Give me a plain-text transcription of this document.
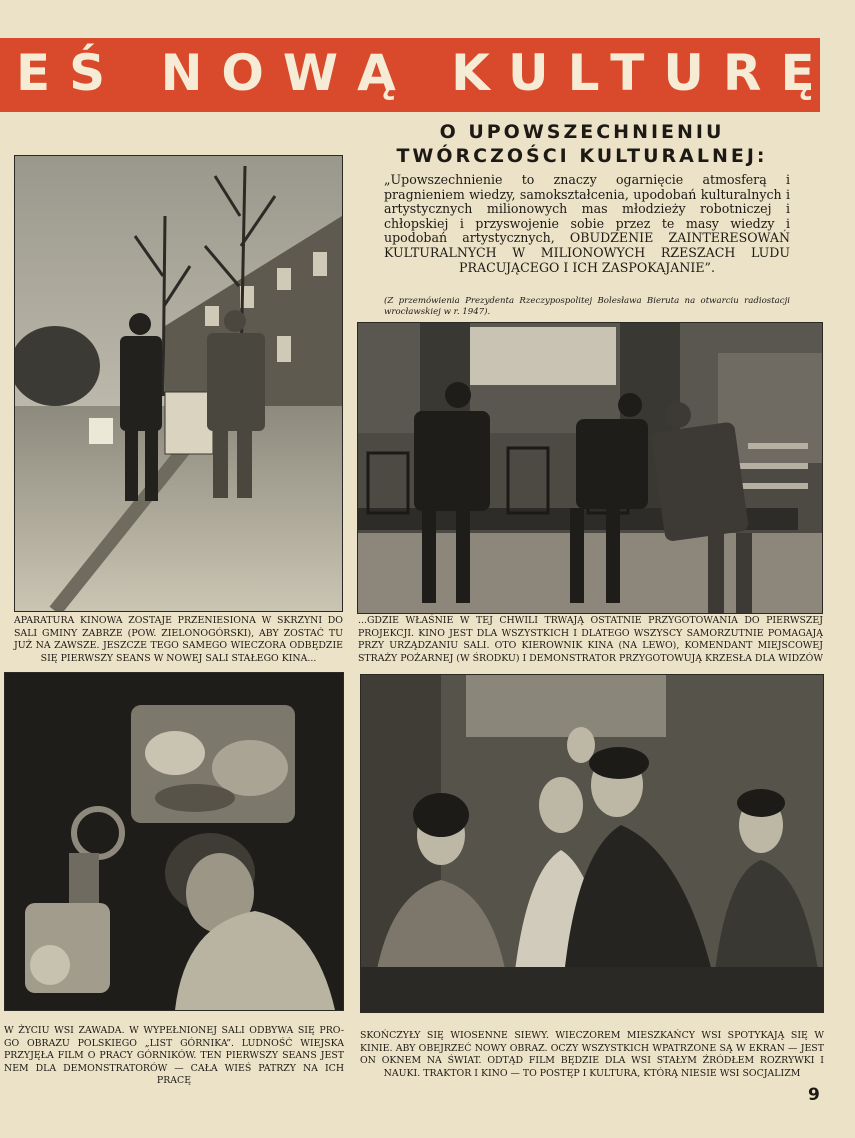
EŚ NOWĄ KULTURĘ
O UPOWSZECHNIENIU
TWÓRCZOŚCI KULTURALNEJ:
„Upowszechnienie to znaczy ogarnięcie atmosferą i pragnieniem wiedzy, samokształcenia, upodobań kulturalnych i artystycznych milionowych mas młodzieży robotniczej i chłopskiej i przyswojenie sobie przez te masy wiedzy i upodobań artystycznych, OBUDZENIE ZAINTERESOWAŃ KULTURALNYCH W MILIONOWYCH RZESZACH LUDU PRACUJĄCEGO I ICH ZASPOKAJANIE”.
(Z przemówienia Prezydenta Rzeczypospolitej Bolesława Bieruta na otwarciu radiostacji wrocławskiej w r. 1947).
APARATURA KINOWA ZOSTAJE PRZENIESIONA W SKRZYNI DO SALI GMINY ZABRZE (POW. ZIELONOGÓRSKI), ABY ZOSTAĆ TU JUŻ NA ZAWSZE. JESZCZE TEGO SAMEGO WIECZORA ODBĘDZIE SIĘ PIERWSZY SEANS W NOWEJ SALI STAŁEGO KINA...
...GDZIE WŁAŚNIE W TEJ CHWILI TRWAJĄ OSTATNIE PRZYGOTOWANIA DO PIERWSZEJ PROJEKCJI. KINO JEST DLA WSZYSTKICH I DLATEGO WSZYSCY SAMORZUTNIE POMAGAJĄ PRZY URZĄDZANIU SALI. OTO KIEROWNIK KINA (NA LEWO), KOMENDANT MIEJSCOWEJ STRAŻY POŻARNEJ (W ŚRODKU) I DEMONSTRATOR PRZYGOTOWUJĄ KRZESŁA DLA WIDZÓW
W ŻYCIU WSI ZAWADA. W WYPEŁNIONEJ SALI ODBYWA SIĘ PRO- GO OBRAZU POLSKIEGO „LIST GÓRNIKA”. LUDNOŚĆ WIEJSKA PRZYJĘŁA FILM O PRACY GÓRNIKÓW. TEN PIERWSZY SEANS JEST NEM DLA DEMONSTRATORÓW — CAŁA WIEŚ PATRZY NA ICH PRACĘ
SKOŃCZYŁY SIĘ WIOSENNE SIEWY. WIECZOREM MIESZKAŃCY WSI SPOTYKAJĄ SIĘ W KINIE. ABY OBEJRZEĆ NOWY OBRAZ. OCZY WSZYSTKICH WPATRZONE SĄ W EKRAN — JEST ON OKNEM NA ŚWIAT. ODTĄD FILM BĘDZIE DLA WSI STAŁYM ŹRÓDŁEM ROZRYWKI I NAUKI. TRAKTOR I KINO — TO POSTĘP I KULTURA, KTÓRĄ NIESIE WSI SOCJALIZM
9
